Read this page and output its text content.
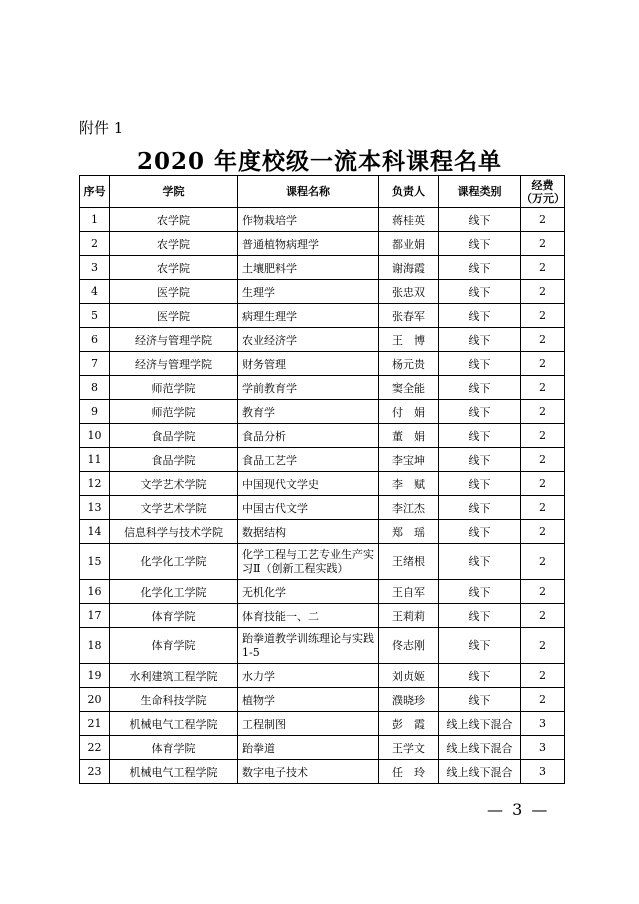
附件 1
2020 年度校级一流本科课程名单
序号	学院	课程名称	负责人	课程类别	经费（万元）
1	农学院	作物栽培学	蒋桂英	线下	2
2	农学院	普通植物病理学	都业娟	线下	2
3	农学院	土壤肥料学	谢海霞	线下	2
4	医学院	生理学	张忠双	线下	2
5	医学院	病理生理学	张春军	线下	2
6	经济与管理学院	农业经济学	王　博	线下	2
7	经济与管理学院	财务管理	杨元贵	线下	2
8	师范学院	学前教育学	窦全能	线下	2
9	师范学院	教育学	付　娟	线下	2
10	食品学院	食品分析	董　娟	线下	2
11	食品学院	食品工艺学	李宝坤	线下	2
12	文学艺术学院	中国现代文学史	李　赋	线下	2
13	文学艺术学院	中国古代文学	李江杰	线下	2
14	信息科学与技术学院	数据结构	郑　瑶	线下	2
15	化学化工学院	化学工程与工艺专业生产实习Ⅱ（创新工程实践）	王绪根	线下	2
16	化学化工学院	无机化学	王自军	线下	2
17	体育学院	体育技能一、二	王莉莉	线下	2
18	体育学院	跆拳道教学训练理论与实践 1-5	佟志刚	线下	2
19	水利建筑工程学院	水力学	刘贞姬	线下	2
20	生命科技学院	植物学	濮晓珍	线下	2
21	机械电气工程学院	工程制图	彭　霞	线上线下混合	3
22	体育学院	跆拳道	王学文	线上线下混合	3
23	机械电气工程学院	数字电子技术	任　玲	线上线下混合	3
— 3 —
